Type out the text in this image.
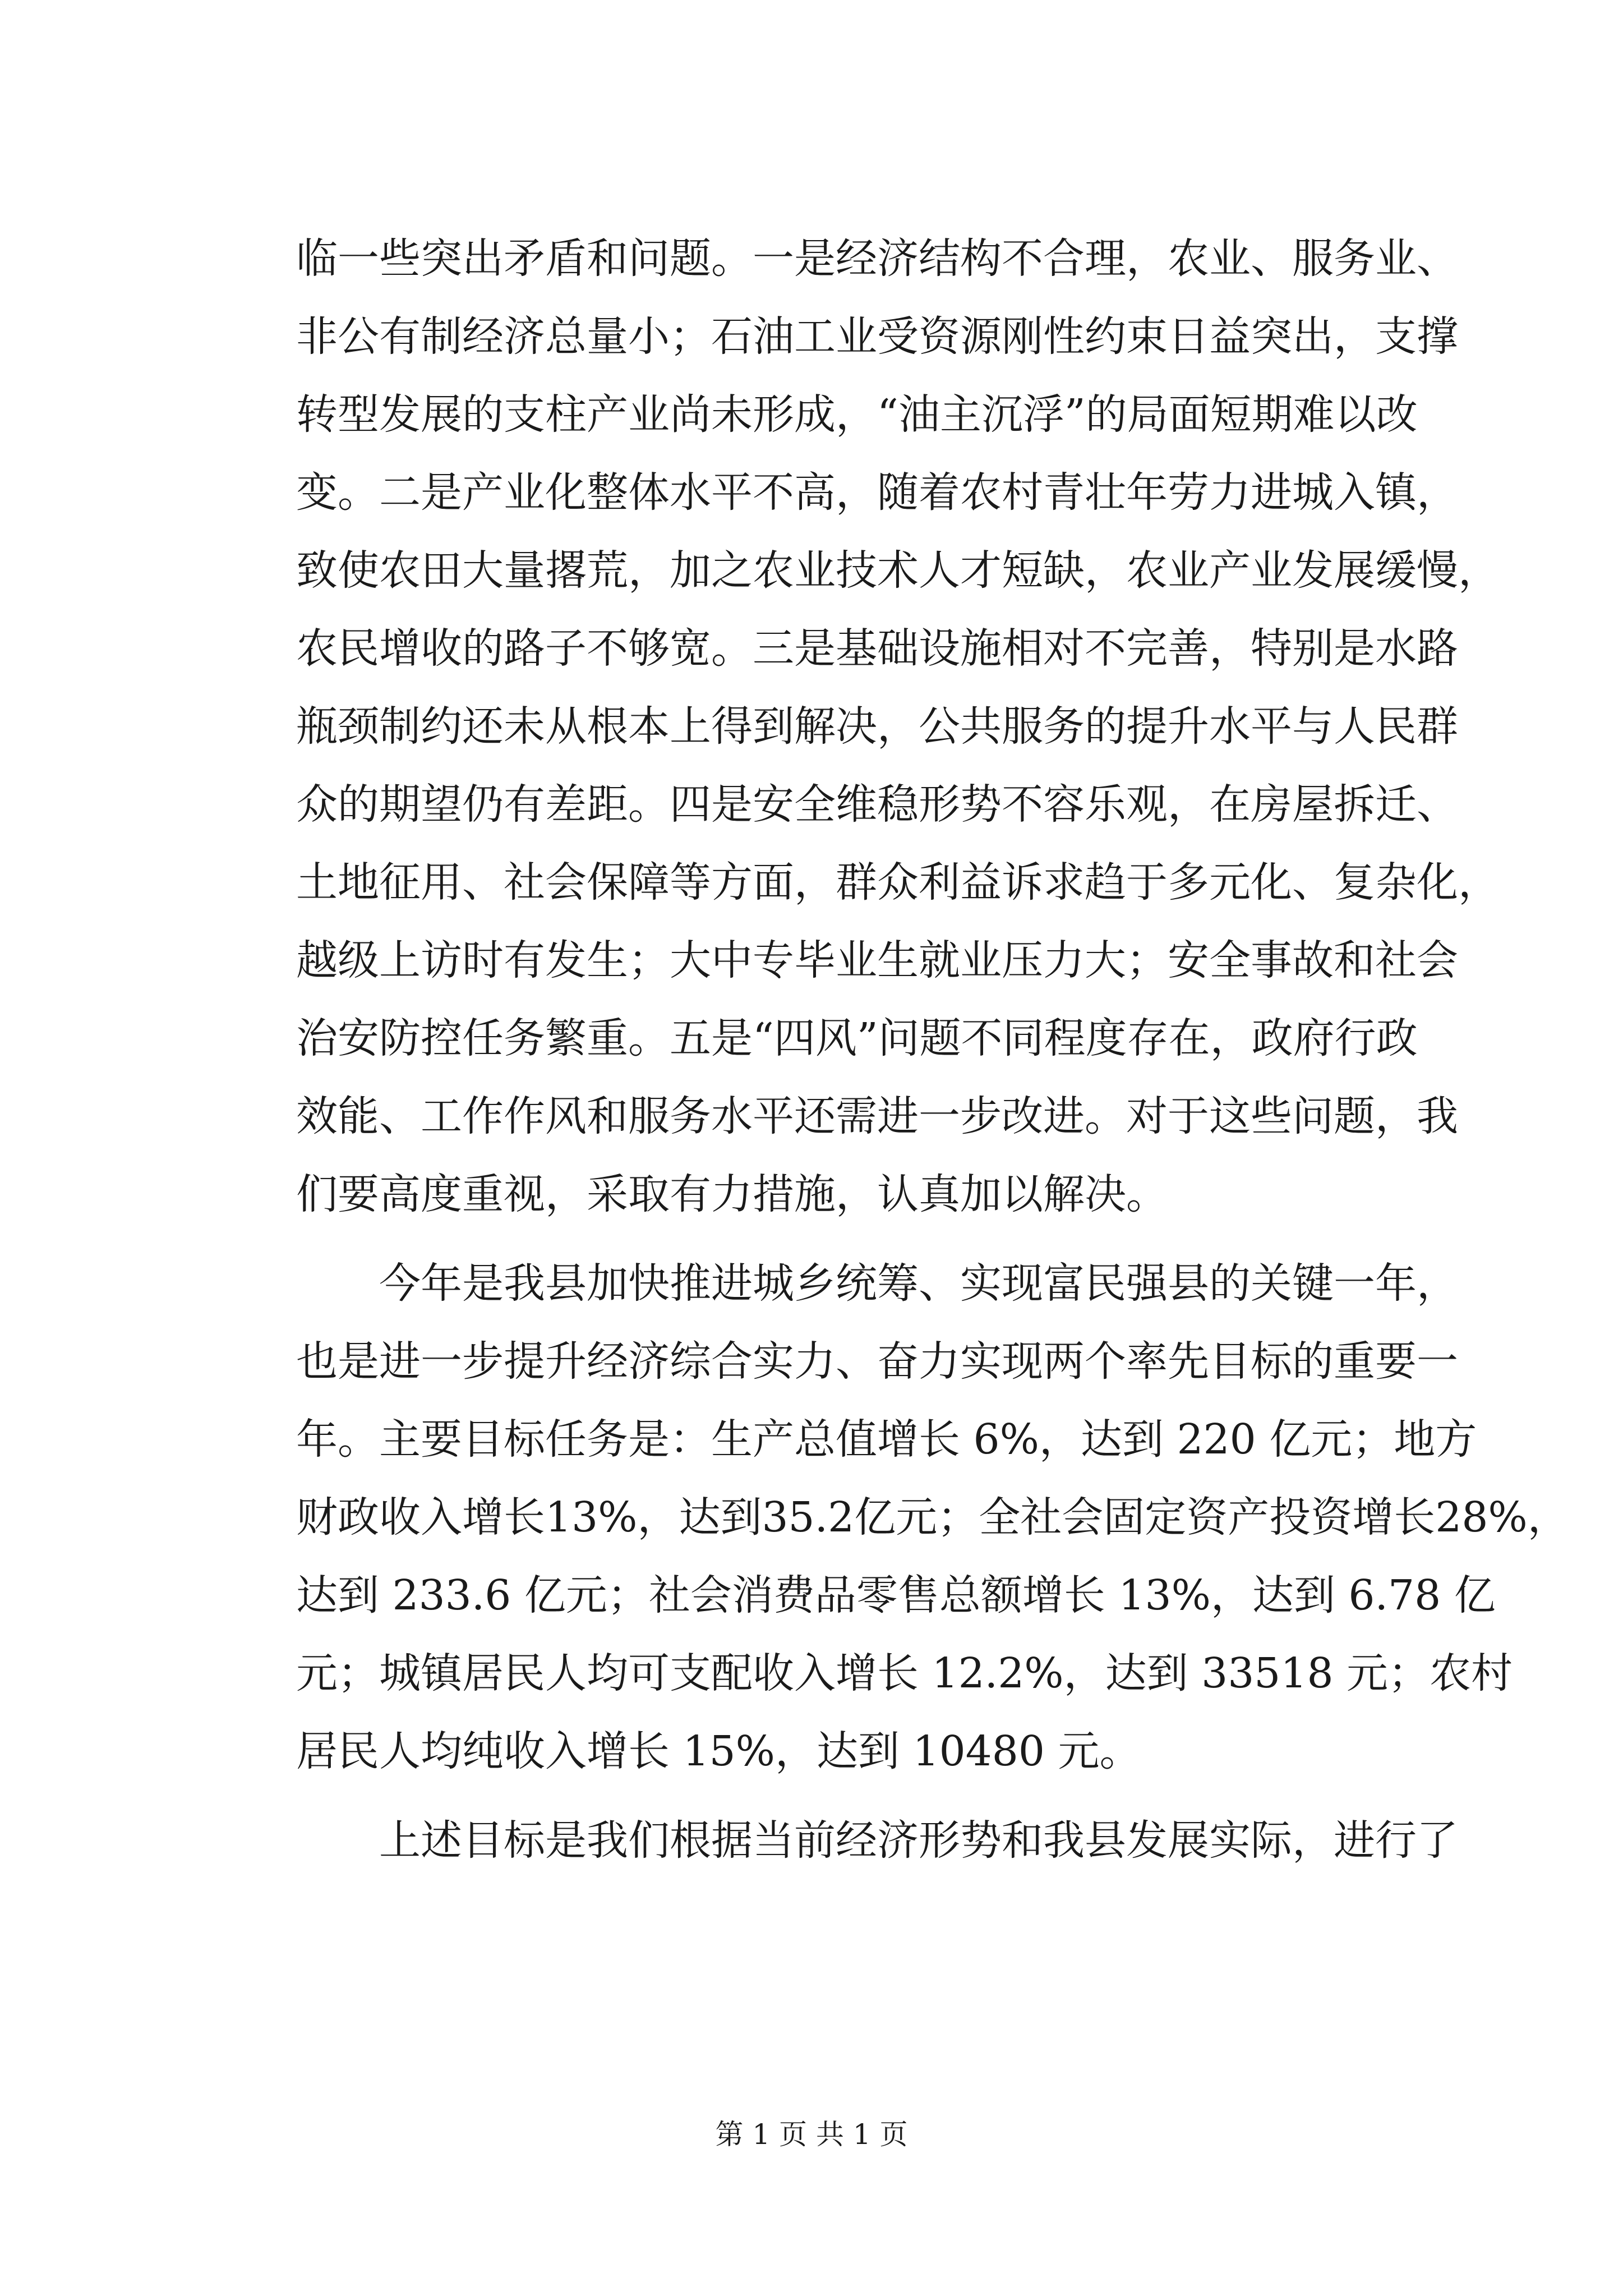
临一些突出矛盾和问题。一是经济结构不合理，农业、服务业、
非公有制经济总量小；石油工业受资源刚性约束日益突出，支撑
转型发展的支柱产业尚未形成，“油主沉浮”的局面短期难以改
变。二是产业化整体水平不高，随着农村青壮年劳力进城入镇，
致使农田大量撂荒，加之农业技术人才短缺，农业产业发展缓慢，
农民增收的路子不够宽。三是基础设施相对不完善，特别是水路
瓶颈制约还未从根本上得到解决，公共服务的提升水平与人民群
众的期望仍有差距。四是安全维稳形势不容乐观，在房屋拆迁、
土地征用、社会保障等方面，群众利益诉求趋于多元化、复杂化，
越级上访时有发生；大中专毕业生就业压力大；安全事故和社会
治安防控任务繁重。五是“四风”问题不同程度存在，政府行政
效能、工作作风和服务水平还需进一步改进。对于这些问题，我
们要高度重视，采取有力措施，认真加以解决。
　　今年是我县加快推进城乡统筹、实现富民强县的关键一年，
也是进一步提升经济综合实力、奋力实现两个率先目标的重要一
年。主要目标任务是：生产总值增长 6%，达到 220 亿元；地方
财政收入增长13%，达到35.2亿元；全社会固定资产投资增长28%，
达到 233.6 亿元；社会消费品零售总额增长 13%，达到 6.78 亿
元；城镇居民人均可支配收入增长 12.2%，达到 33518 元；农村
居民人均纯收入增长 15%，达到 10480 元。
　　上述目标是我们根据当前经济形势和我县发展实际，进行了
第 1 页 共 1 页
